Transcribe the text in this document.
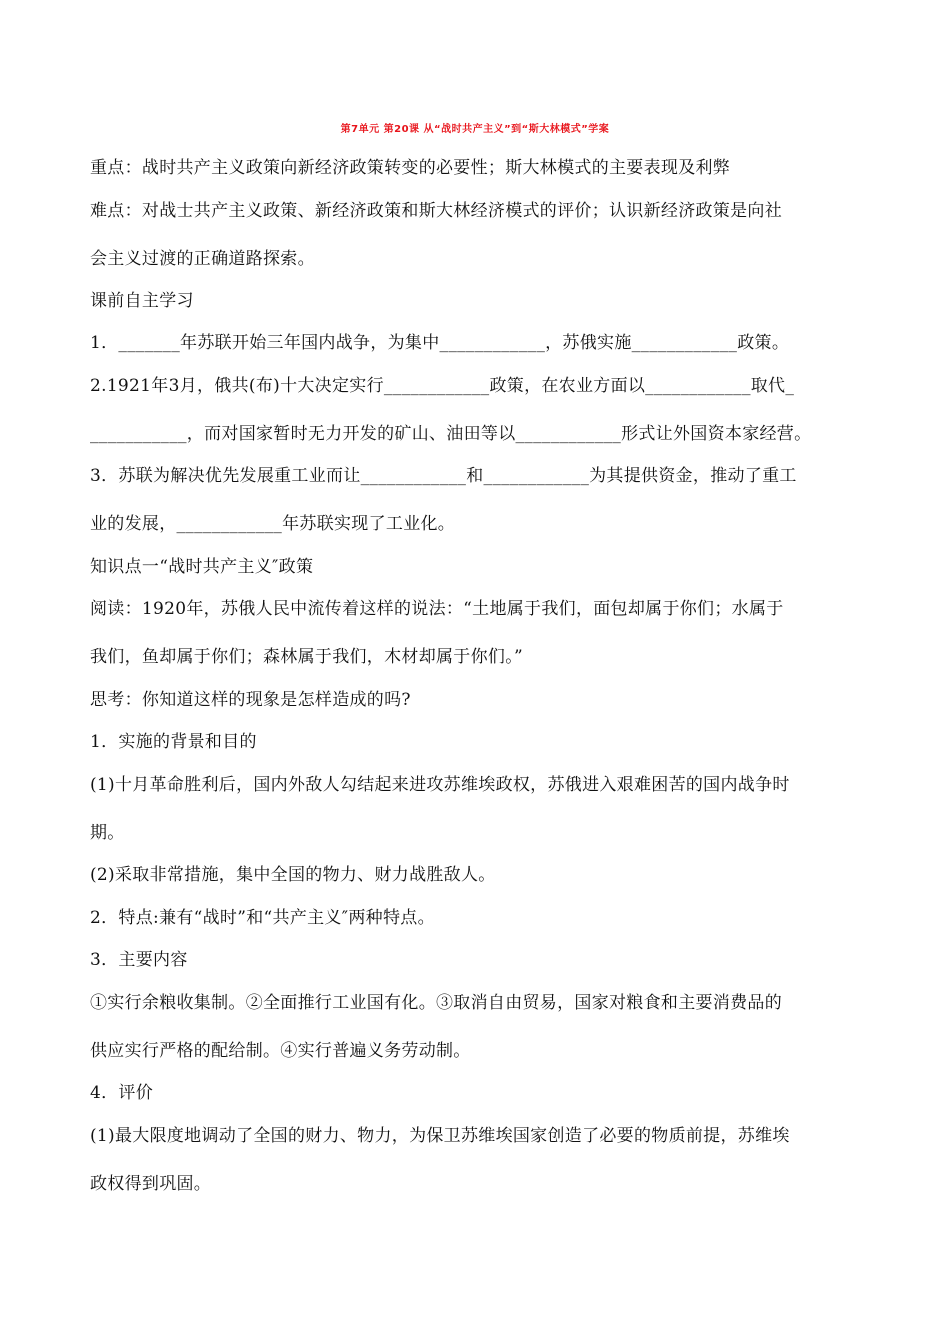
第7单元 第20课 从“战时共产主义”到“斯大林模式”学案
重点：战时共产主义政策向新经济政策转变的必要性；斯大林模式的主要表现及利弊
难点：对战士共产主义政策、新经济政策和斯大林经济模式的评价；认识新经济政策是向社
会主义过渡的正确道路探索。
课前自主学习
1．_______年苏联开始三年国内战争，为集中____________，苏俄实施____________政策。
2.1921年3月，俄共(布)十大决定实行____________政策，在农业方面以____________取代_
___________，而对国家暂时无力开发的矿山、油田等以____________形式让外国资本家经营。
3．苏联为解决优先发展重工业而让____________和____________为其提供资金，推动了重工
业的发展，____________年苏联实现了工业化。
知识点一“战时共产主义″政策
阅读：1920年，苏俄人民中流传着这样的说法：“土地属于我们，面包却属于你们；水属于
我们，鱼却属于你们；森林属于我们，木材却属于你们。”
思考：你知道这样的现象是怎样造成的吗?
1．实施的背景和目的
(1)十月革命胜利后，国内外敌人勾结起来进攻苏维埃政权，苏俄进入艰难困苦的国内战争时
期。
(2)采取非常措施，集中全国的物力、财力战胜敌人。
2．特点:兼有“战时”和“共产主义″两种特点。
3．主要内容
①实行余粮收集制。②全面推行工业国有化。③取消自由贸易，国家对粮食和主要消费品的
供应实行严格的配给制。④实行普遍义务劳动制。
4．评价
(1)最大限度地调动了全国的财力、物力，为保卫苏维埃国家创造了必要的物质前提，苏维埃
政权得到巩固。
